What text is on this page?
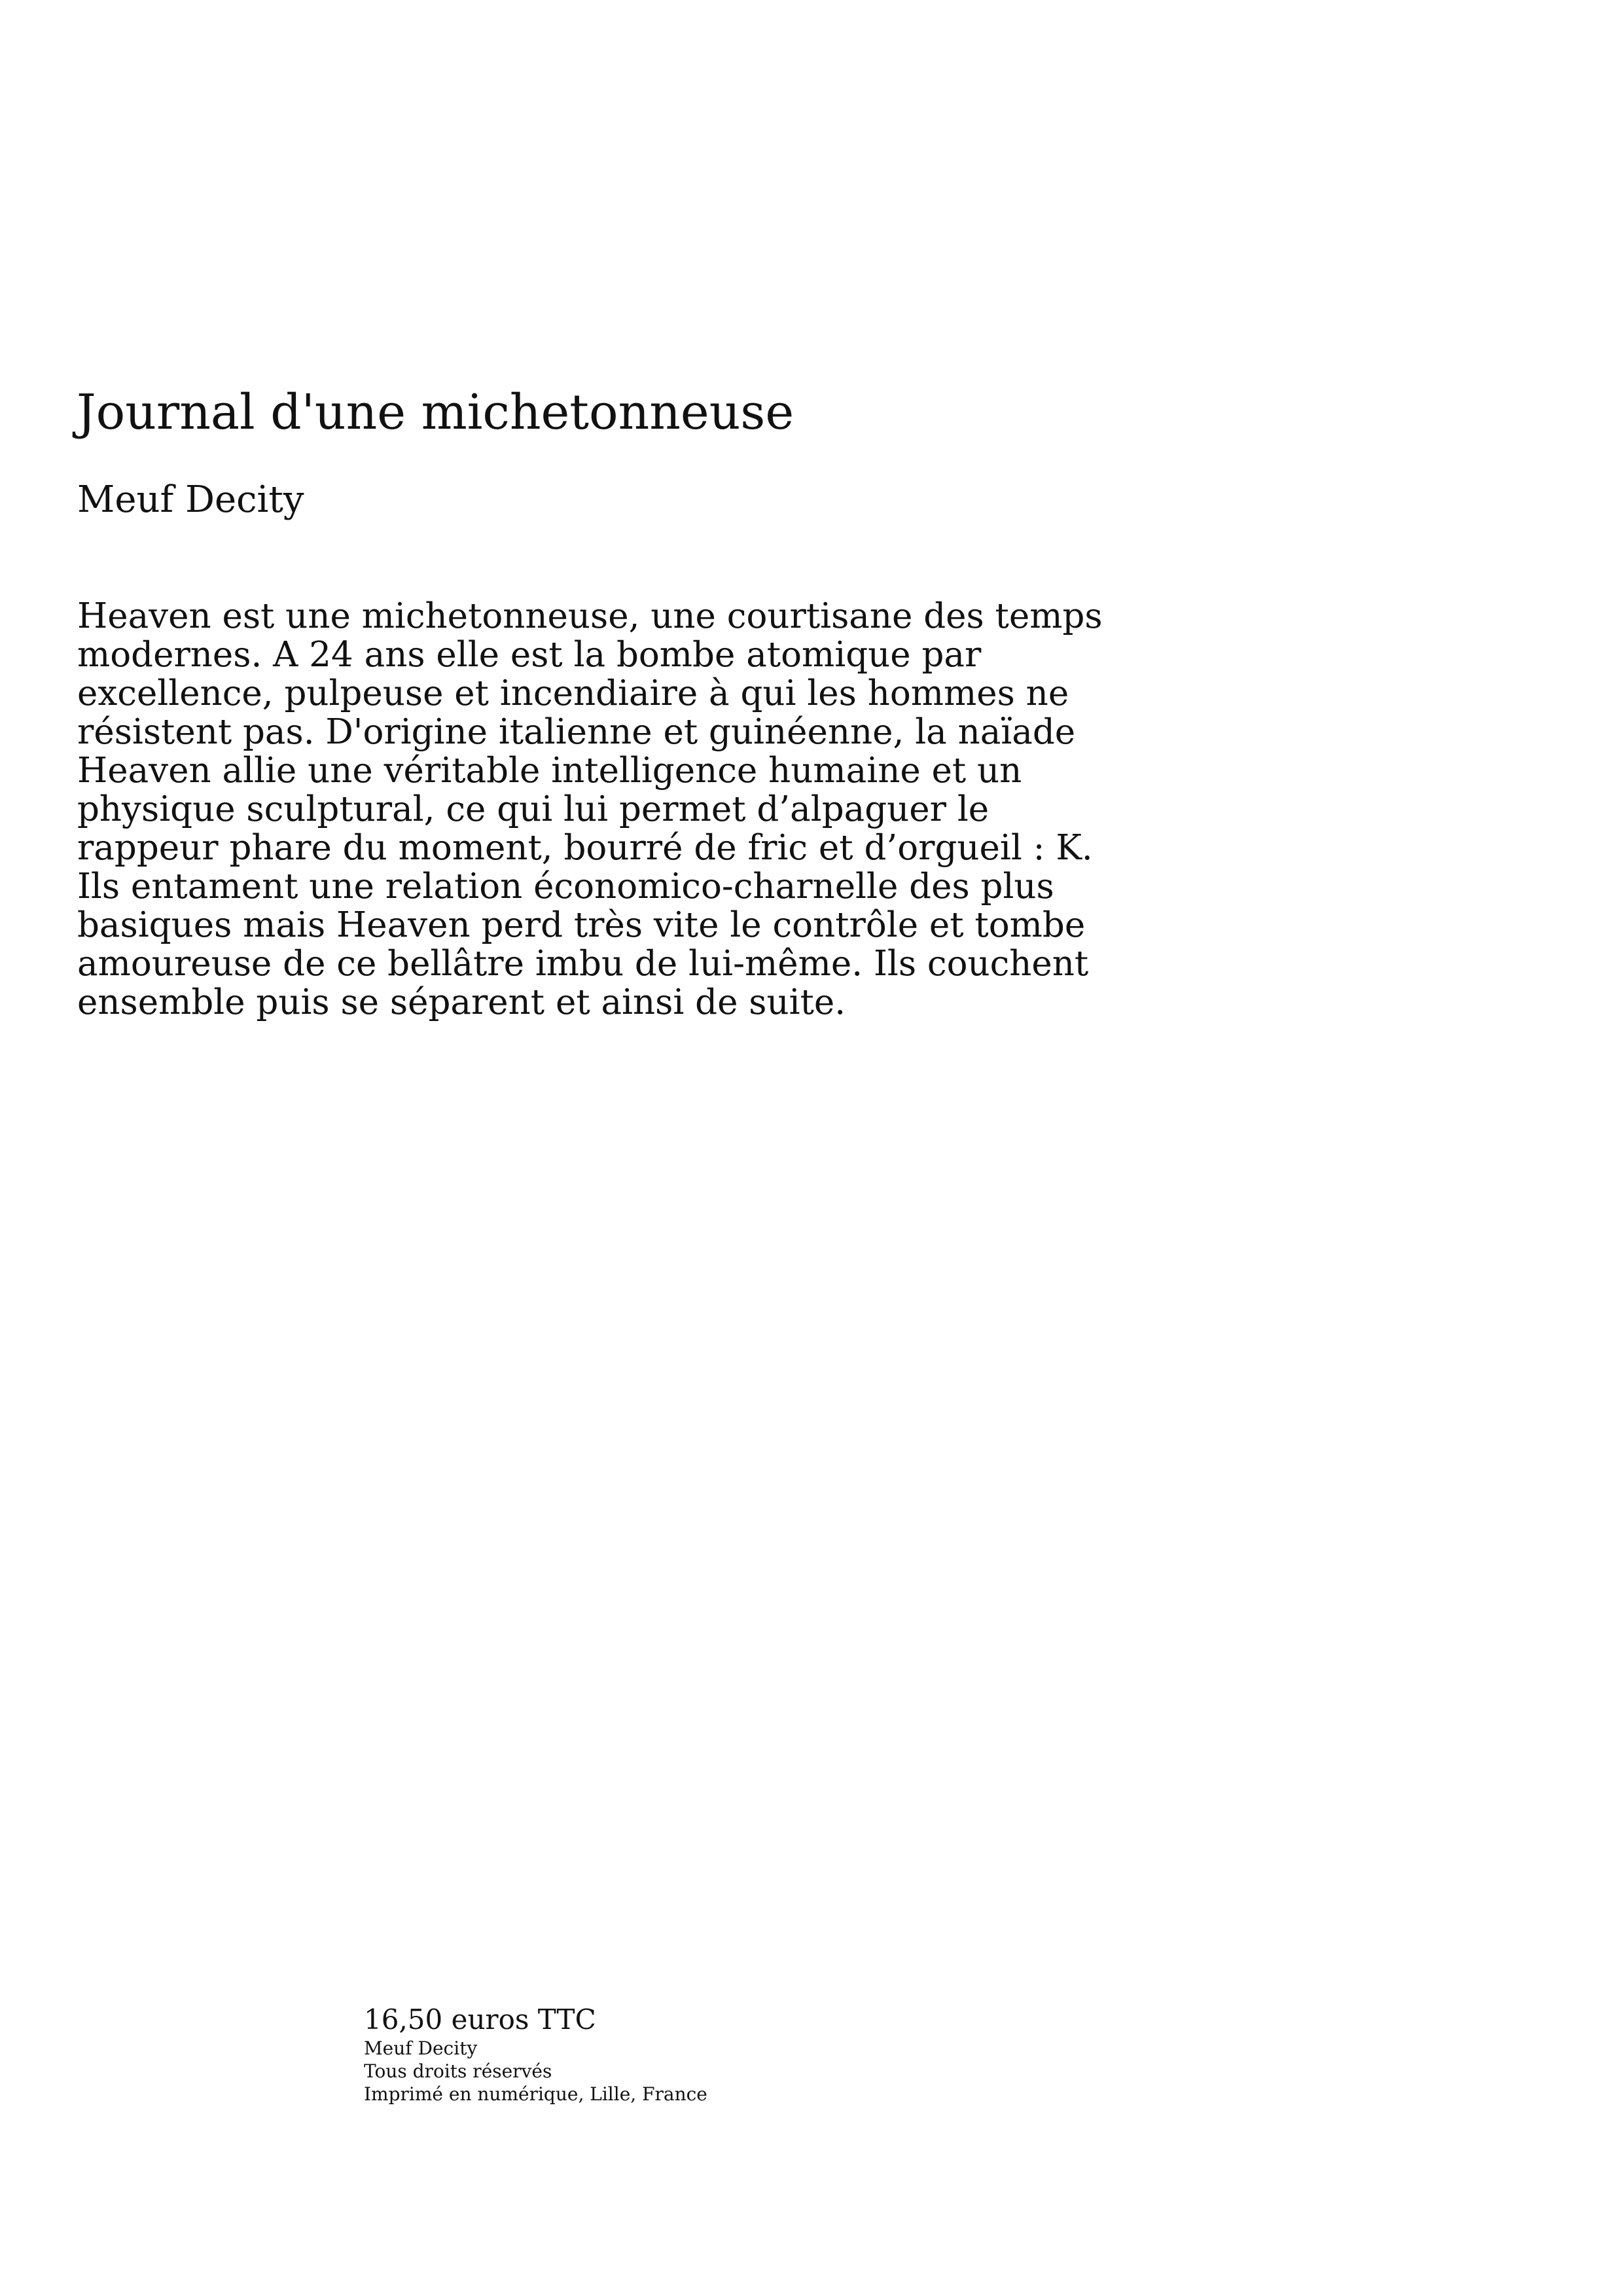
Journal d'une michetonneuse

Meuf Decity

Heaven est une michetonneuse, une courtisane des temps
modernes. A 24 ans elle est la bombe atomique par
excellence, pulpeuse et incendiaire à qui les hommes ne
résistent pas. D'origine italienne et guinéenne, la naïade
Heaven allie une véritable intelligence humaine et un
physique sculptural, ce qui lui permet d’alpaguer le
rappeur phare du moment, bourré de fric et d’orgueil : K.
Ils entament une relation économico-charnelle des plus
basiques mais Heaven perd très vite le contrôle et tombe
amoureuse de ce bellâtre imbu de lui-même. Ils couchent
ensemble puis se séparent et ainsi de suite.
16,50 euros TTC
Meuf Decity
Tous droits réservés
Imprimé en numérique, Lille, France
